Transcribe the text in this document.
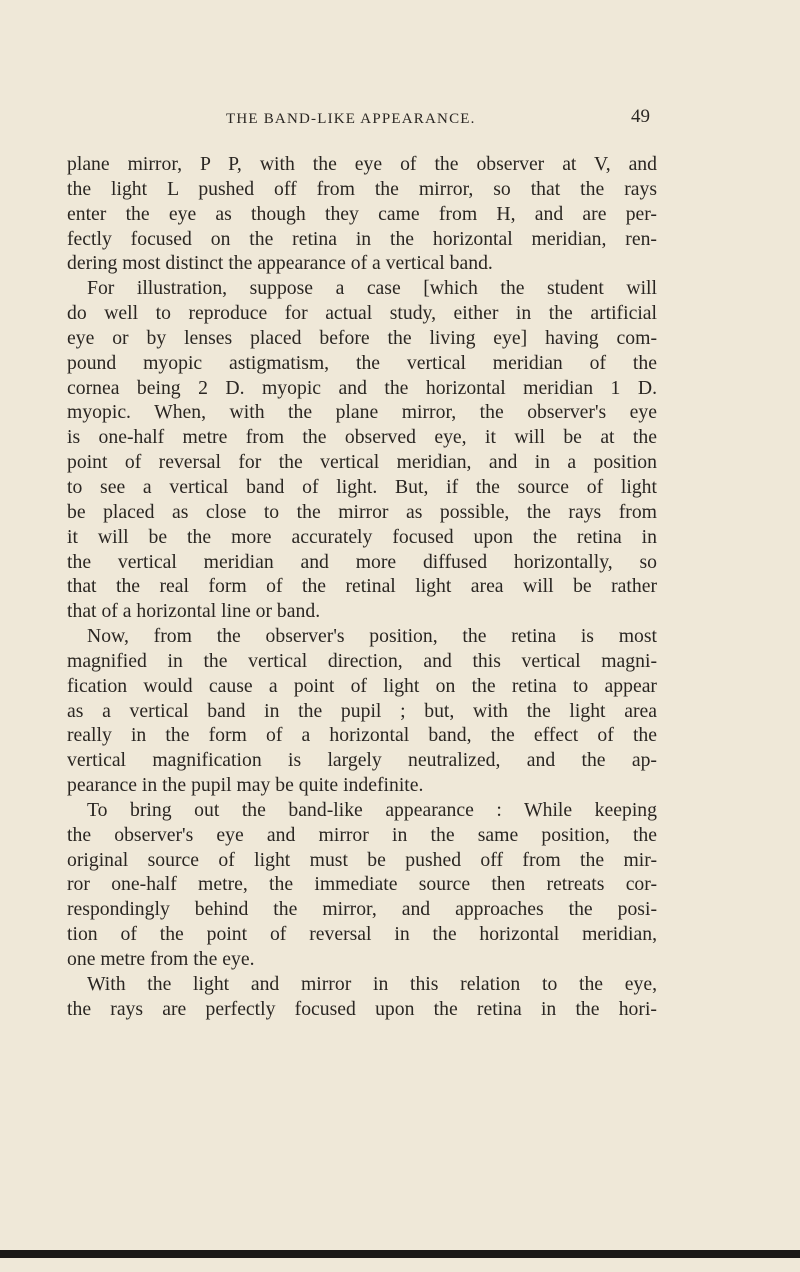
THE BAND-LIKE APPEARANCE.	49
plane mirror, P P, with the eye of the observer at V, and
the light L pushed off from the mirror, so that the rays
enter the eye as though they came from H, and are per-
fectly focused on the retina in the horizontal meridian, ren-
dering most distinct the appearance of a vertical band.
For illustration, suppose a case [which the student will
do well to reproduce for actual study, either in the artificial
eye or by lenses placed before the living eye] having com-
pound myopic astigmatism, the vertical meridian of the
cornea being 2 D. myopic and the horizontal meridian 1 D.
myopic. When, with the plane mirror, the observer's eye
is one-half metre from the observed eye, it will be at the
point of reversal for the vertical meridian, and in a position
to see a vertical band of light. But, if the source of light
be placed as close to the mirror as possible, the rays from
it will be the more accurately focused upon the retina in
the vertical meridian and more diffused horizontally, so
that the real form of the retinal light area will be rather
that of a horizontal line or band.
Now, from the observer's position, the retina is most
magnified in the vertical direction, and this vertical magni-
fication would cause a point of light on the retina to appear
as a vertical band in the pupil ; but, with the light area
really in the form of a horizontal band, the effect of the
vertical magnification is largely neutralized, and the ap-
pearance in the pupil may be quite indefinite.
To bring out the band-like appearance : While keeping
the observer's eye and mirror in the same position, the
original source of light must be pushed off from the mir-
ror one-half metre, the immediate source then retreats cor-
respondingly behind the mirror, and approaches the posi-
tion of the point of reversal in the horizontal meridian,
one metre from the eye.
With the light and mirror in this relation to the eye,
the rays are perfectly focused upon the retina in the hori-
